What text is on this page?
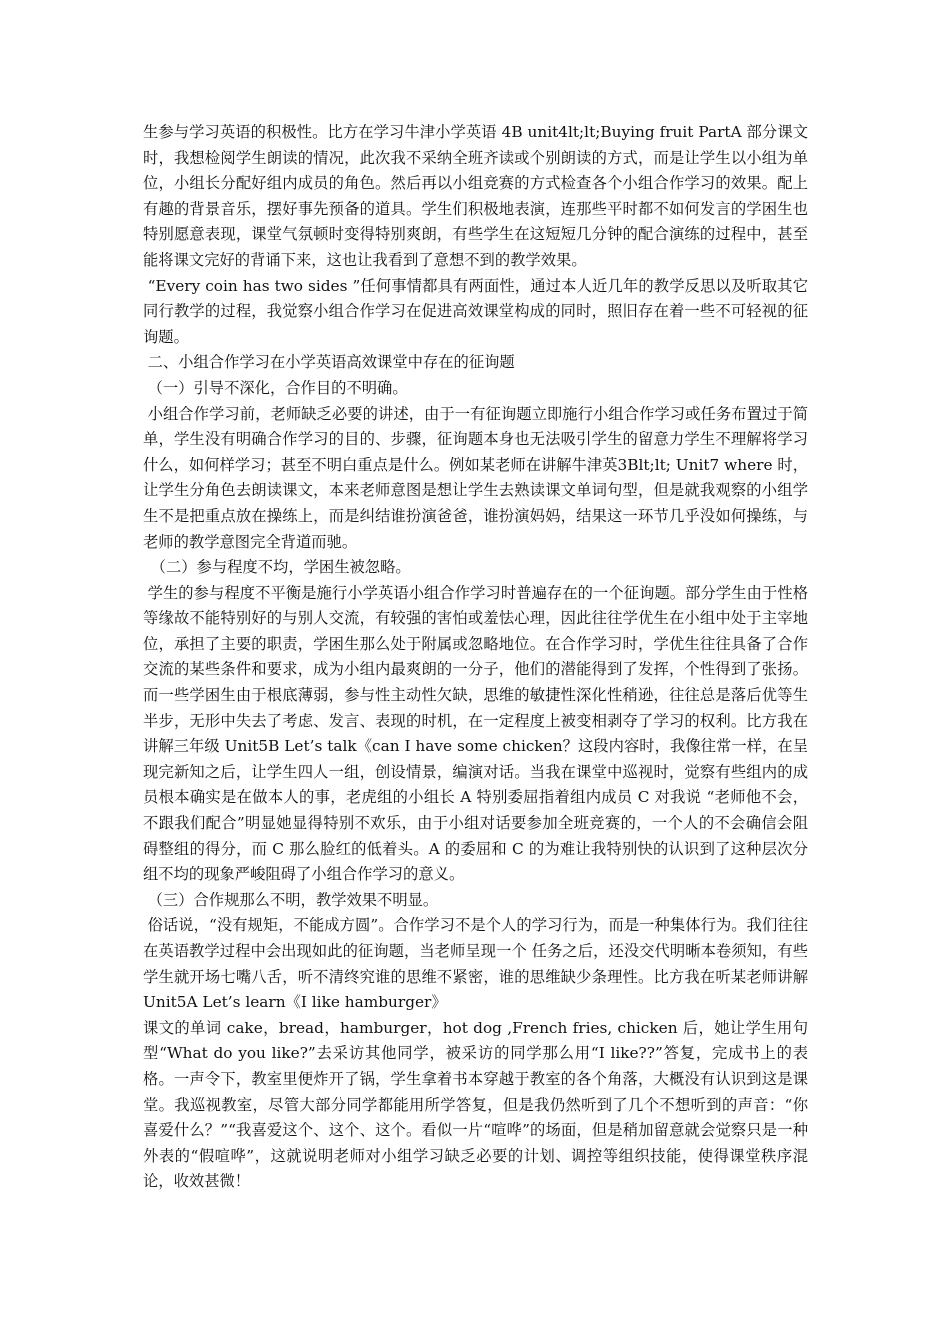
生参与学习英语的积极性。比方在学习牛津小学英语 4B unit4lt;lt;Buying fruit PartA 部分课文时，我想检阅学生朗读的情况，此次我不采纳全班齐读或个别朗读的方式，而是让学生以小组为单位，小组长分配好组内成员的角色。然后再以小组竞赛的方式检查各个小组合作学习的效果。配上有趣的背景音乐，摆好事先预备的道具。学生们积极地表演，连那些平时都不如何发言的学困生也特别愿意表现，课堂气氛顿时变得特别爽朗，有些学生在这短短几分钟的配合演练的过程中，甚至能将课文完好的背诵下来，这也让我看到了意想不到的教学效果。

“Every coin has two sides ”任何事情都具有两面性，通过本人近几年的教学反思以及听取其它同行教学的过程，我觉察小组合作学习在促进高效课堂构成的同时，照旧存在着一些不可轻视的征询题。

二、小组合作学习在小学英语高效课堂中存在的征询题

（一）引导不深化，合作目的不明确。

小组合作学习前，老师缺乏必要的讲述，由于一有征询题立即施行小组合作学习或任务布置过于简单，学生没有明确合作学习的目的、步骤，征询题本身也无法吸引学生的留意力学生不理解将学习什么，如何样学习；甚至不明白重点是什么。例如某老师在讲解牛津英3Blt;lt; Unit7 where 时，让学生分角色去朗读课文，本来老师意图是想让学生去熟读课文单词句型，但是就我观察的小组学生不是把重点放在操练上，而是纠结谁扮演爸爸，谁扮演妈妈，结果这一环节几乎没如何操练，与老师的教学意图完全背道而驰。

（二）参与程度不均，学困生被忽略。

学生的参与程度不平衡是施行小学英语小组合作学习时普遍存在的一个征询题。部分学生由于性格等缘故不能特别好的与别人交流，有较强的害怕或羞怯心理，因此往往学优生在小组中处于主宰地位，承担了主要的职责，学困生那么处于附属或忽略地位。在合作学习时，学优生往往具备了合作交流的某些条件和要求，成为小组内最爽朗的一分子，他们的潜能得到了发挥，个性得到了张扬。而一些学困生由于根底薄弱，参与性主动性欠缺，思维的敏捷性深化性稍逊，往往总是落后优等生半步，无形中失去了考虑、发言、表现的时机，在一定程度上被变相剥夺了学习的权利。比方我在讲解三年级 Unit5B Let’s talk《can I have some chicken？这段内容时，我像往常一样，在呈现完新知之后，让学生四人一组，创设情景，编演对话。当我在课堂中巡视时，觉察有些组内的成员根本确实是在做本人的事，老虎组的小组长 A 特别委屈指着组内成员 C 对我说 “老师他不会，不跟我们配合”明显她显得特别不欢乐，由于小组对话要参加全班竞赛的，一个人的不会确信会阻碍整组的得分，而 C 那么脸红的低着头。A 的委屈和 C 的为难让我特别快的认识到了这种层次分组不均的现象严峻阻碍了小组合作学习的意义。

（三）合作规那么不明，教学效果不明显。

俗话说，“没有规矩，不能成方圆”。合作学习不是个人的学习行为，而是一种集体行为。我们往往在英语教学过程中会出现如此的征询题，当老师呈现一个 任务之后，还没交代明晰本卷须知，有些学生就开场七嘴八舌，听不清终究谁的思维不紧密，谁的思维缺少条理性。比方我在听某老师讲解 Unit5A Let’s learn《I like hamburger》

课文的单词 cake，bread，hamburger，hot dog ,French fries, chicken 后，她让学生用句型“What do you like?”去采访其他同学，被采访的同学那么用“I like??”答复，完成书上的表格。一声令下，教室里便炸开了锅，学生拿着书本穿越于教室的各个角落，大概没有认识到这是课堂。我巡视教室，尽管大部分同学都能用所学答复，但是我仍然听到了几个不想听到的声音：“你喜爱什么？”“我喜爱这个、这个、这个。看似一片“喧哗”的场面，但是稍加留意就会觉察只是一种外表的“假喧哗”，这就说明老师对小组学习缺乏必要的计划、调控等组织技能，使得课堂秩序混论，收效甚微！
